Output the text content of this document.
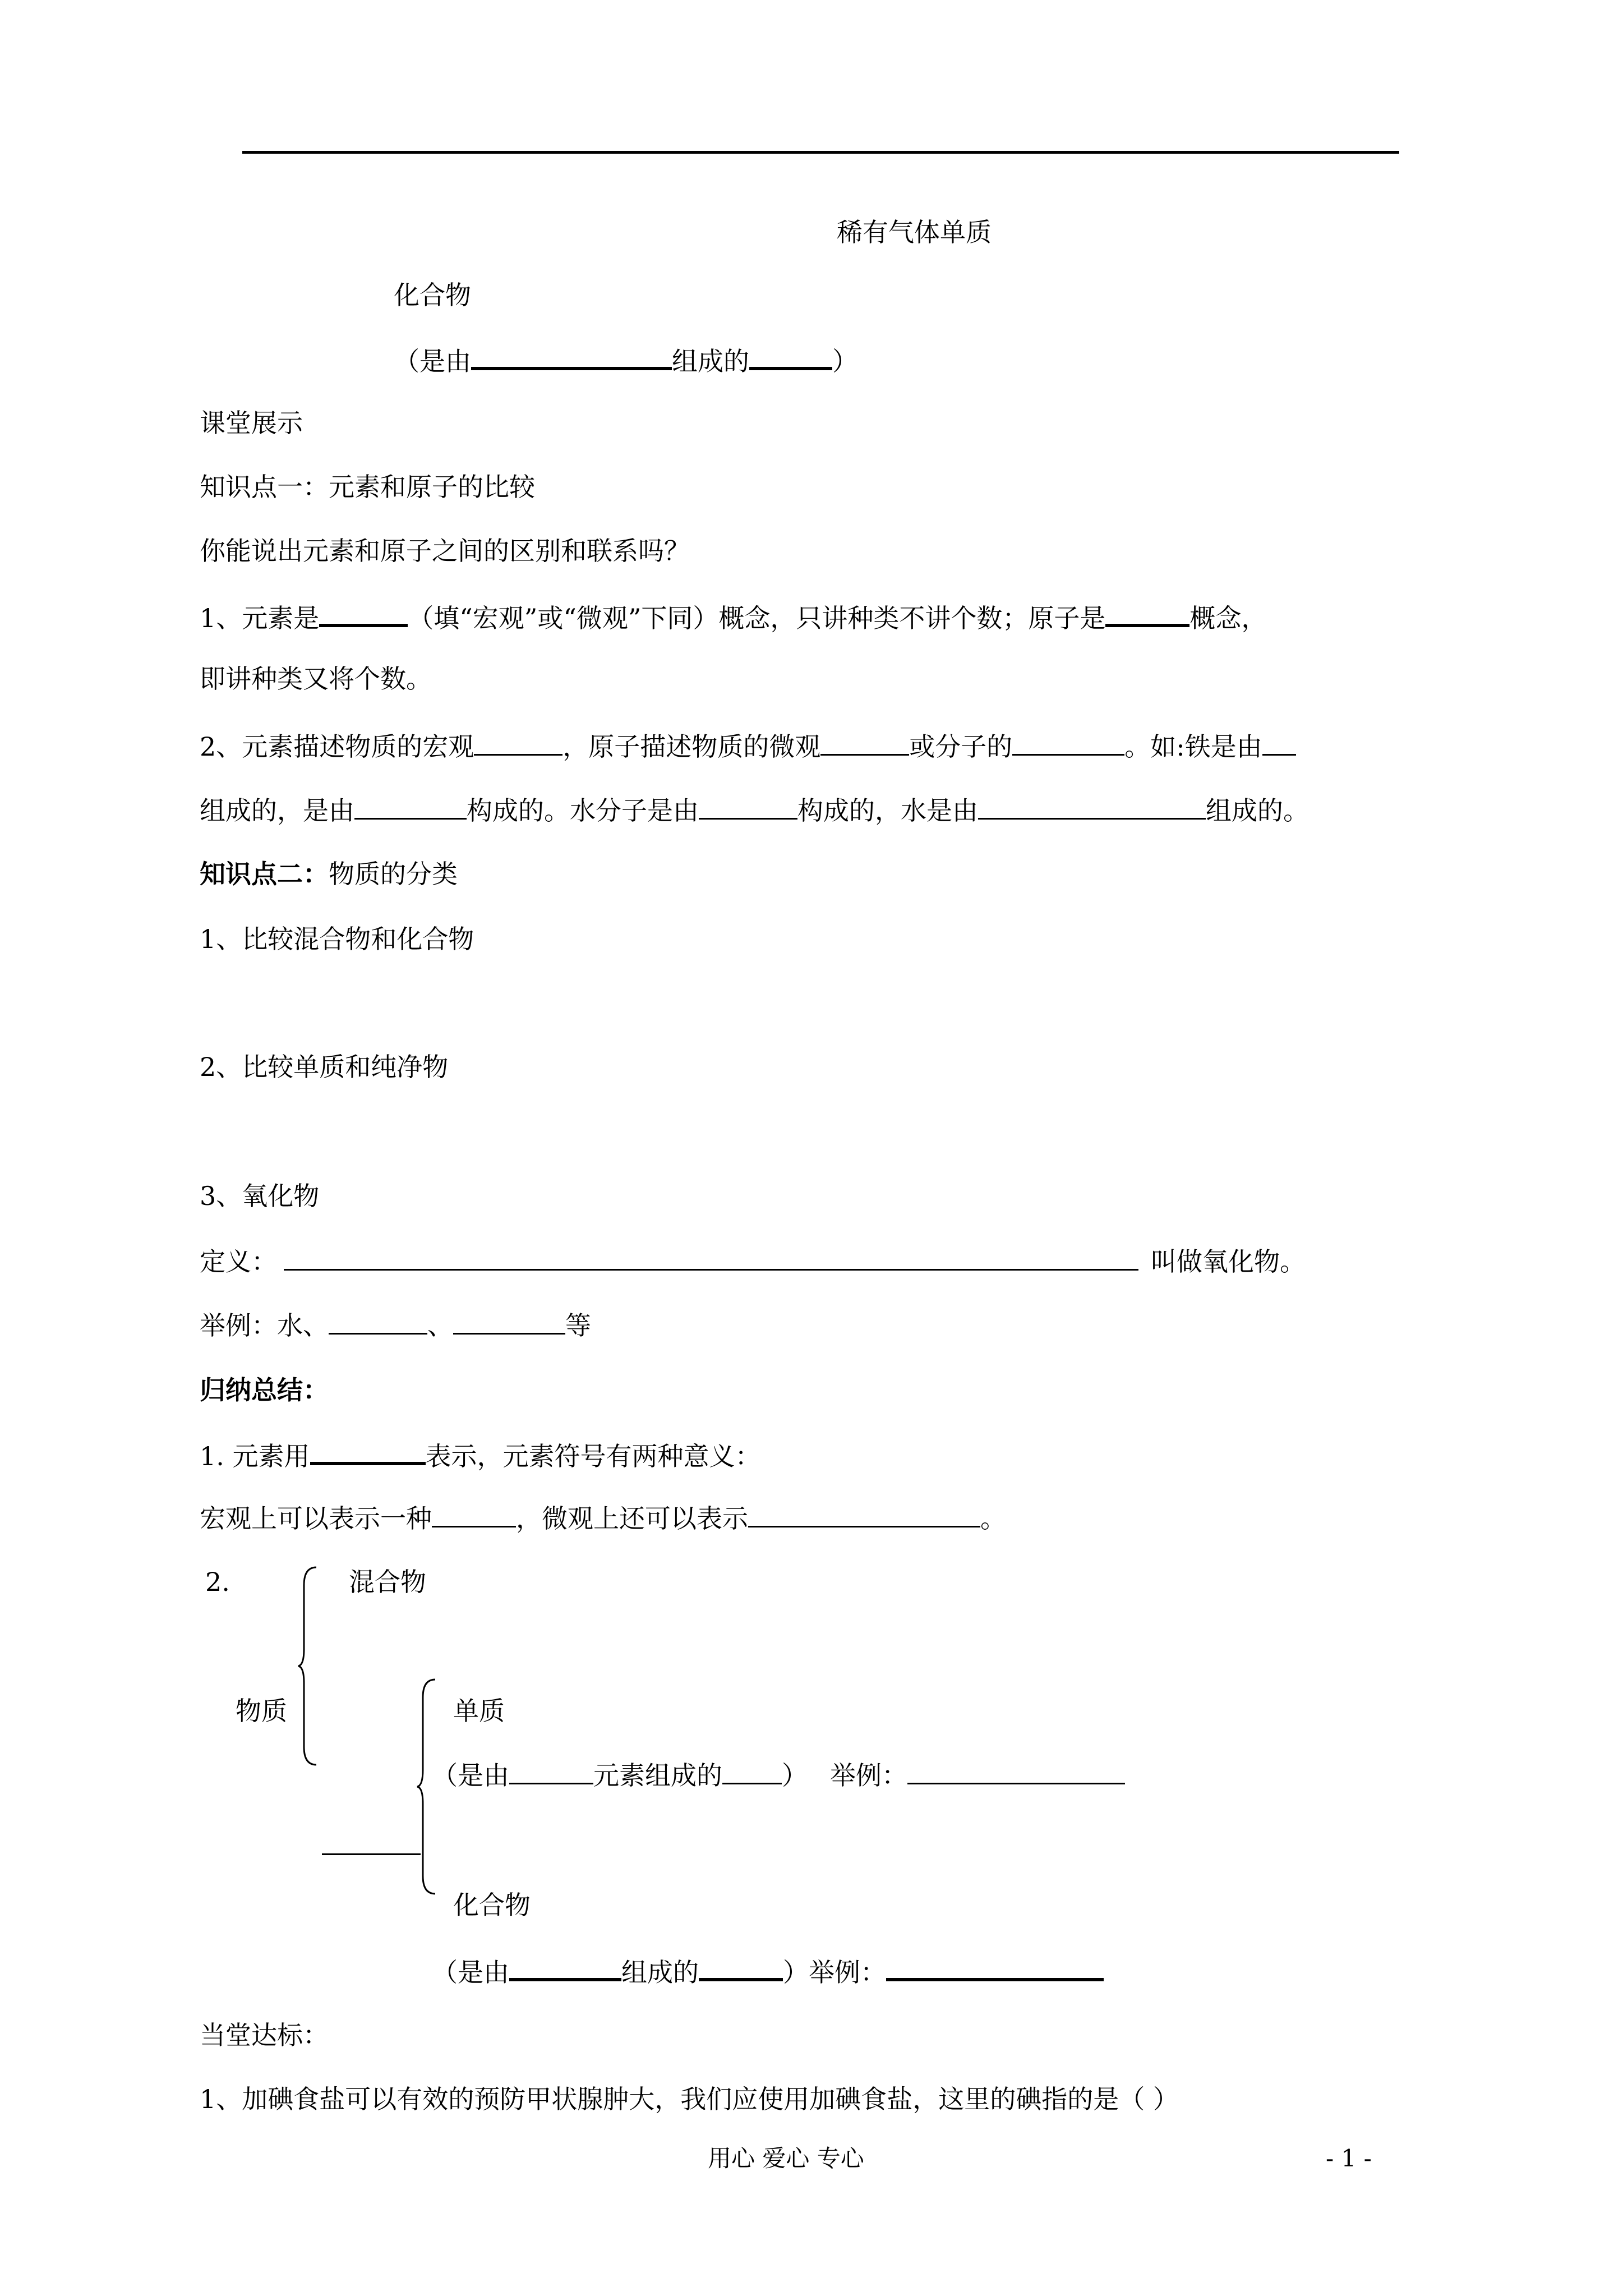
稀有气体单质
化合物
（是由	组成的	）
课堂展示
知识点一：元素和原子的比较
你能说出元素和原子之间的区别和联系吗？
1、元素是	（填“宏观”或“微观”下同）概念，只讲种类不讲个数；原子是	概念，
即讲种类又将个数。
2、元素描述物质的宏观	，原子描述物质的微观	或分子的	。如:铁是由
组成的，是由	构成的。水分子是由	构成的，水是由	组成的。
知识点二：物质的分类
1、比较混合物和化合物
2、比较单质和纯净物
3、氧化物
定义：	叫做氧化物。
举例：水、	、	等
归纳总结：
1. 元素用	表示，元素符号有两种意义：
宏观上可以表示一种	，微观上还可以表示	。
2.	混合物
物质	单质
（是由	元素组成的 ） 举例：
化合物
（是由	组成的	）举例：
当堂达标：
1、加碘食盐可以有效的预防甲状腺肿大，我们应使用加碘食盐，这里的碘指的是（ ）
用心 爱心 专心	- 1 -
